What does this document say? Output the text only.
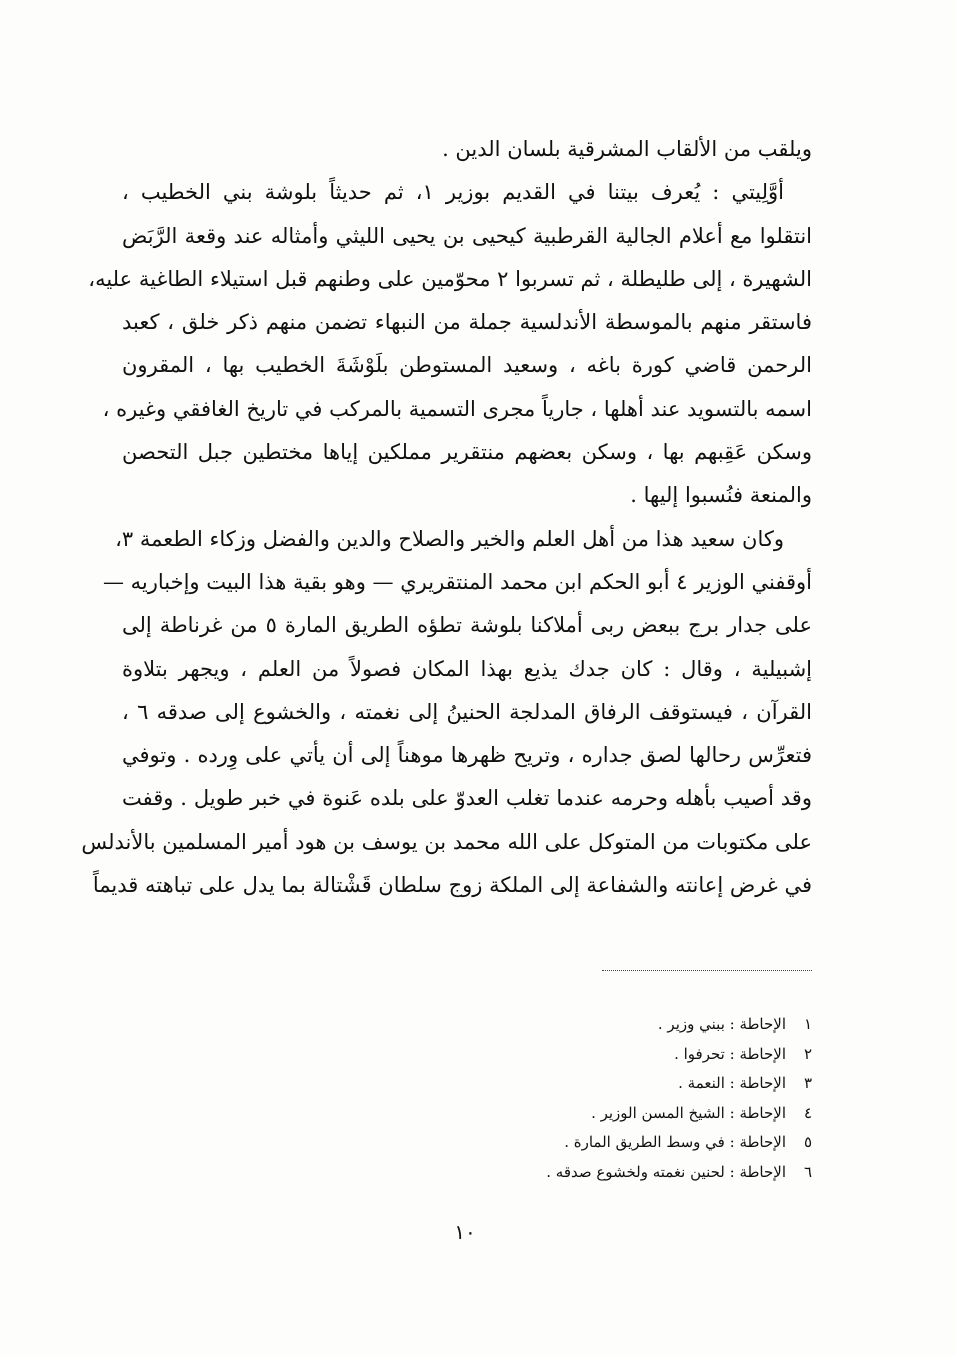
ويلقب من الألقاب المشرقية بلسان الدين .
أوَّلِيتي : يُعرف بيتنا في القديم بوزير ١، ثم حديثاً بلوشة بني الخطيب ،
انتقلوا مع أعلام الجالية القرطبية كيحيى بن يحيى الليثي وأمثاله عند وقعة الرَّبَض
الشهيرة ، إلى طليطلة ، ثم تسربوا ٢ محوّمين على وطنهم قبل استيلاء الطاغية عليه،
فاستقر منهم بالموسطة الأندلسية جملة من النبهاء تضمن منهم ذكر خلق ، كعبد
الرحمن قاضي كورة باغه ، وسعيد المستوطن بلَوْشَةَ الخطيب بها ، المقرون
اسمه بالتسويد عند أهلها ، جارياً مجرى التسمية بالمركب في تاريخ الغافقي وغيره ،
وسكن عَقِبهم بها ، وسكن بعضهم منتقرير مملكين إياها مختطين جبل التحصن
والمنعة فنُسبوا إليها .
وكان سعيد هذا من أهل العلم والخير والصلاح والدين والفضل وزكاء الطعمة ٣،
أوقفني الوزير ٤ أبو الحكم ابن محمد المنتقريري — وهو بقية هذا البيت وإخباريه —
على جدار برج ببعض ربى أملاكنا بلوشة تطؤه الطريق المارة ٥ من غرناطة إلى
إشبيلية ، وقال : كان جدك يذيع بهذا المكان فصولاً من العلم ، ويجهر بتلاوة
القرآن ، فيستوقف الرفاق المدلجة الحنينُ إلى نغمته ، والخشوع إلى صدقه ٦ ،
فتعرِّس رحالها لصق جداره ، وتريح ظهرها موهناً إلى أن يأتي على وِرده . وتوفي
وقد أصيب بأهله وحرمه عندما تغلب العدوّ على بلده عَنوة في خبر طويل . وقفت
على مكتوبات من المتوكل على الله محمد بن يوسف بن هود أمير المسلمين بالأندلس
في غرض إعانته والشفاعة إلى الملكة زوج سلطان قَشْتالة بما يدل على تباهته قديماً
١الإحاطة : ببني وزير .
٢الإحاطة : تحرفوا .
٣الإحاطة : النعمة .
٤الإحاطة : الشيخ المسن الوزير .
٥الإحاطة : في وسط الطريق المارة .
٦الإحاطة : لحنين نغمته ولخشوع صدقه .
١٠
